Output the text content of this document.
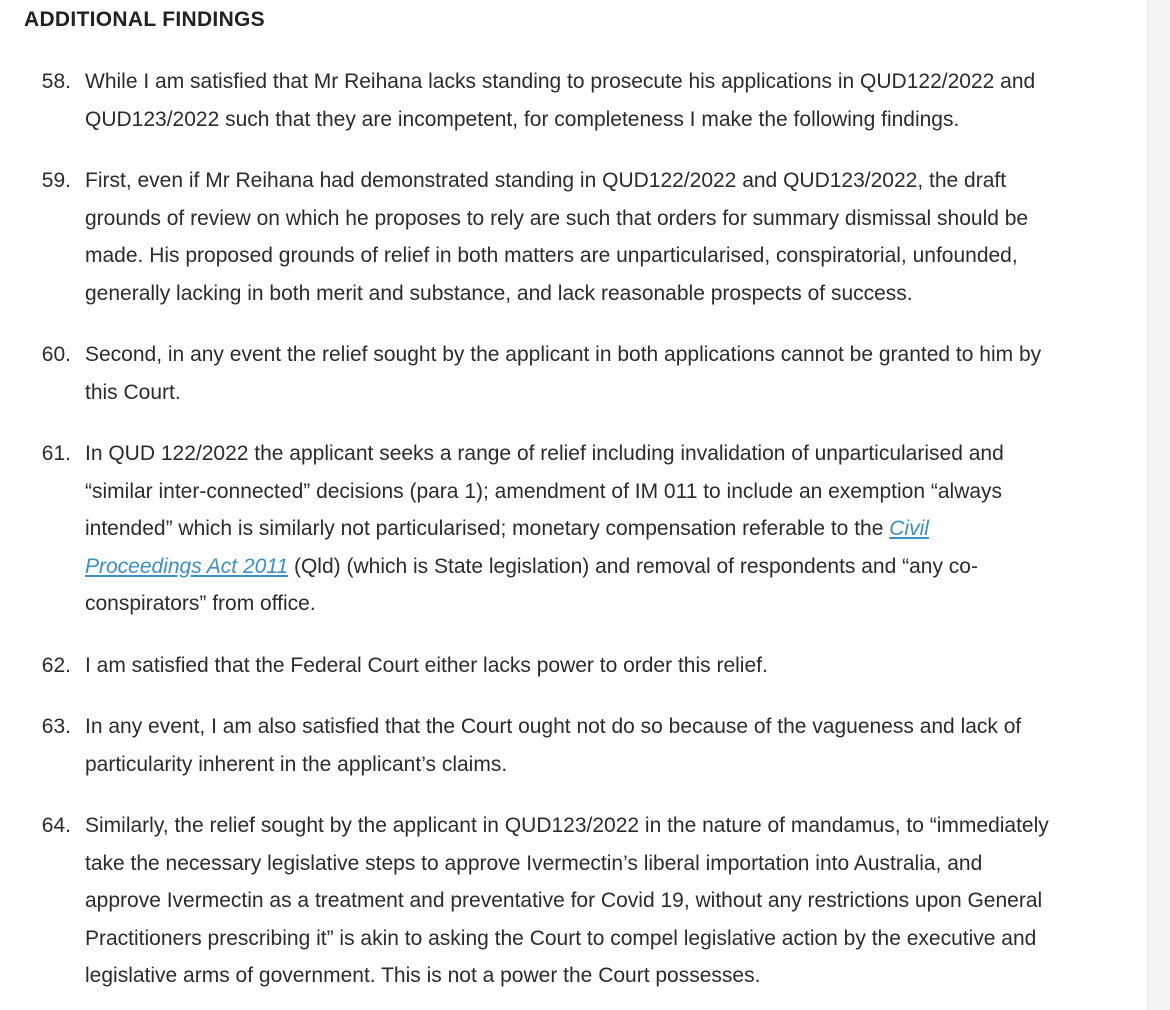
ADDITIONAL FINDINGS
58. While I am satisfied that Mr Reihana lacks standing to prosecute his applications in QUD122/2022 and
QUD123/2022 such that they are incompetent, for completeness I make the following findings.
59. First, even if Mr Reihana had demonstrated standing in QUD122/2022 and QUD123/2022, the draft
grounds of review on which he proposes to rely are such that orders for summary dismissal should be
made. His proposed grounds of relief in both matters are unparticularised, conspiratorial, unfounded,
generally lacking in both merit and substance, and lack reasonable prospects of success.
60. Second, in any event the relief sought by the applicant in both applications cannot be granted to him by
this Court.
61. In QUD 122/2022 the applicant seeks a range of relief including invalidation of unparticularised and
“similar inter-connected” decisions (para 1); amendment of IM 011 to include an exemption “always
intended” which is similarly not particularised; monetary compensation referable to the Civil
Proceedings Act 2011 (Qld) (which is State legislation) and removal of respondents and “any co-
conspirators” from office.
62. I am satisfied that the Federal Court either lacks power to order this relief.
63. In any event, I am also satisfied that the Court ought not do so because of the vagueness and lack of
particularity inherent in the applicant’s claims.
64. Similarly, the relief sought by the applicant in QUD123/2022 in the nature of mandamus, to “immediately
take the necessary legislative steps to approve Ivermectin’s liberal importation into Australia, and
approve Ivermectin as a treatment and preventative for Covid 19, without any restrictions upon General
Practitioners prescribing it” is akin to asking the Court to compel legislative action by the executive and
legislative arms of government. This is not a power the Court possesses.
